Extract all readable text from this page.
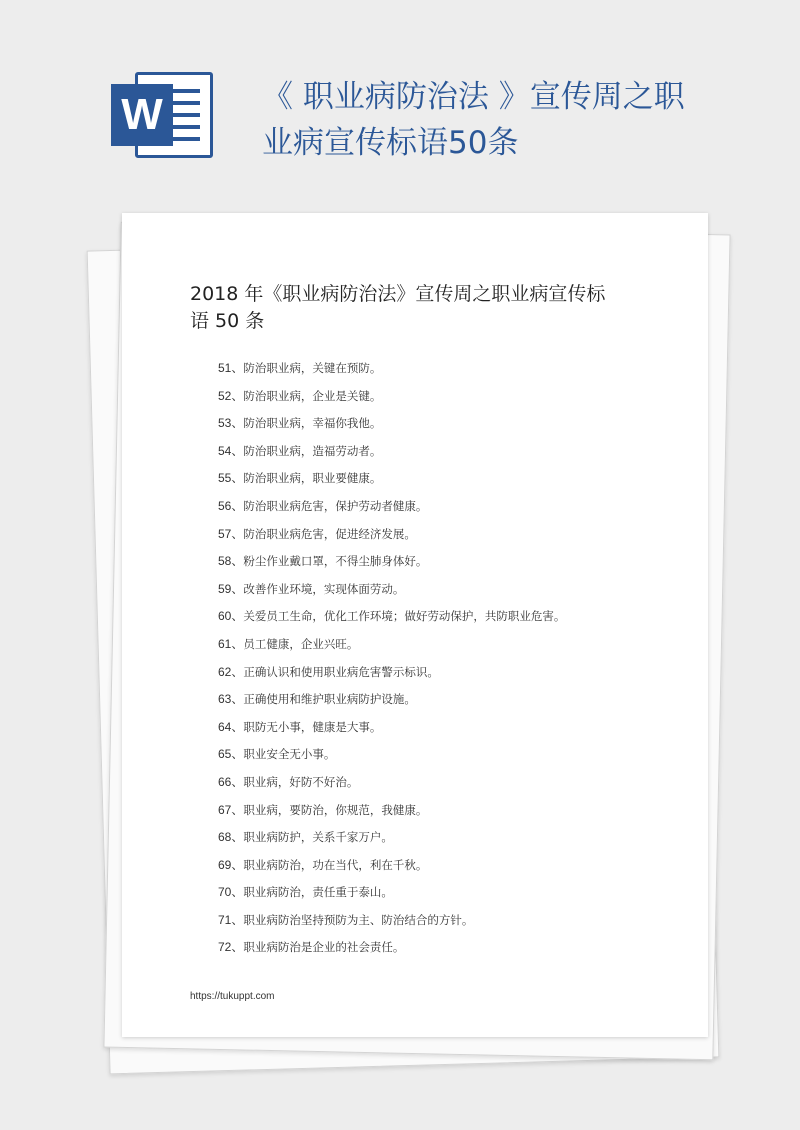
W	《 职业病防治法 》宣传周之职
业病宣传标语50条
2018 年《职业病防治法》宣传周之职业病宣传标
语 50 条
51、防治职业病，关键在预防。
52、防治职业病，企业是关键。
53、防治职业病，幸福你我他。
54、防治职业病，造福劳动者。
55、防治职业病，职业要健康。
56、防治职业病危害，保护劳动者健康。
57、防治职业病危害，促进经济发展。
58、粉尘作业戴口罩，不得尘肺身体好。
59、改善作业环境，实现体面劳动。
60、关爱员工生命，优化工作环境；做好劳动保护，共防职业危害。
61、员工健康，企业兴旺。
62、正确认识和使用职业病危害警示标识。
63、正确使用和维护职业病防护设施。
64、职防无小事，健康是大事。
65、职业安全无小事。
66、职业病，好防不好治。
67、职业病，要防治，你规范，我健康。
68、职业病防护，关系千家万户。
69、职业病防治，功在当代，利在千秋。
70、职业病防治，责任重于泰山。
71、职业病防治坚持预防为主、防治结合的方针。
72、职业病防治是企业的社会责任。
https://tukuppt.com
